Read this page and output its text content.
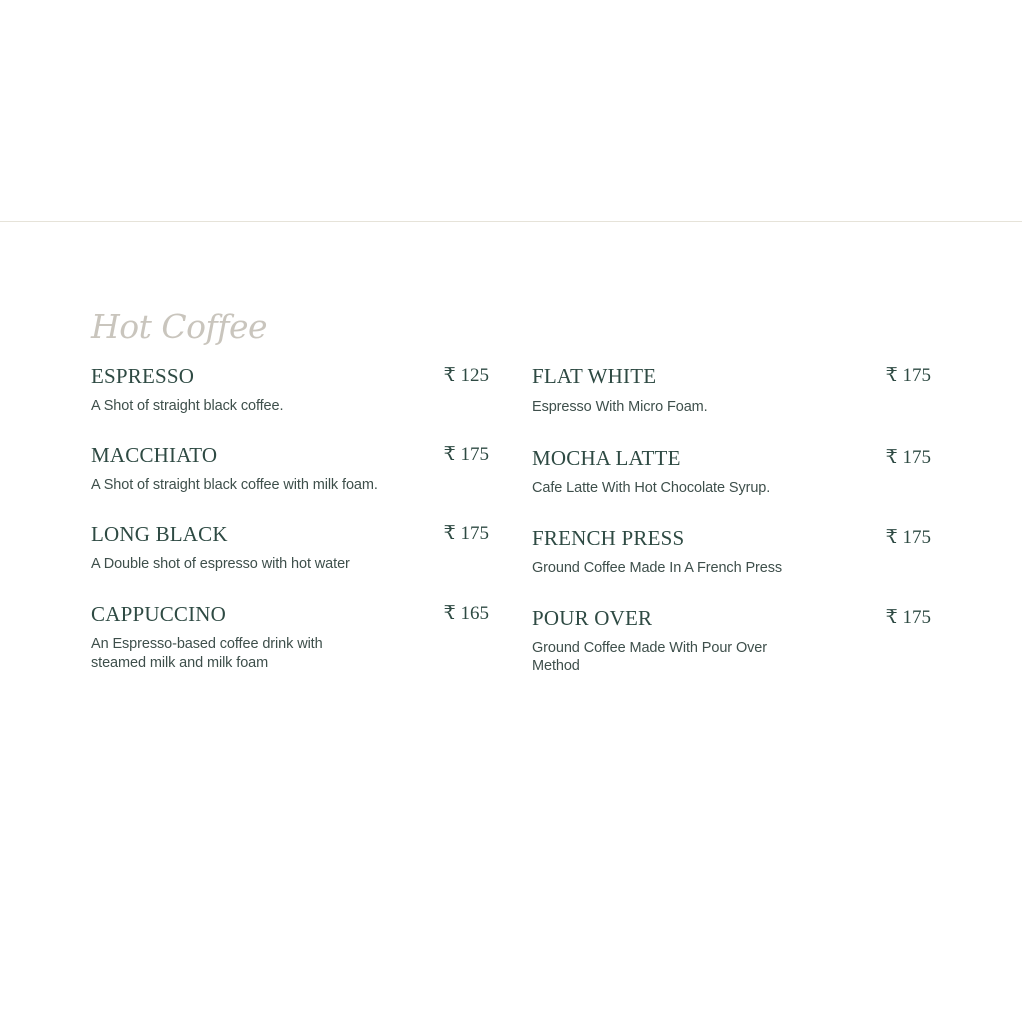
Hot Coffee
ESPRESSO	₹ 125
A Shot of straight black coffee.
MACCHIATO	₹ 175
A Shot of straight black coffee with milk foam.
LONG BLACK	₹ 175
A Double shot of espresso with hot water
CAPPUCCINO	₹ 165
An Espresso-based coffee drink with steamed milk and milk foam
FLAT WHITE	₹ 175
Espresso With Micro Foam.
MOCHA LATTE	₹ 175
Cafe Latte With Hot Chocolate Syrup.
FRENCH PRESS	₹ 175
Ground Coffee Made In A French Press
POUR OVER	₹ 175
Ground Coffee Made With Pour Over Method
